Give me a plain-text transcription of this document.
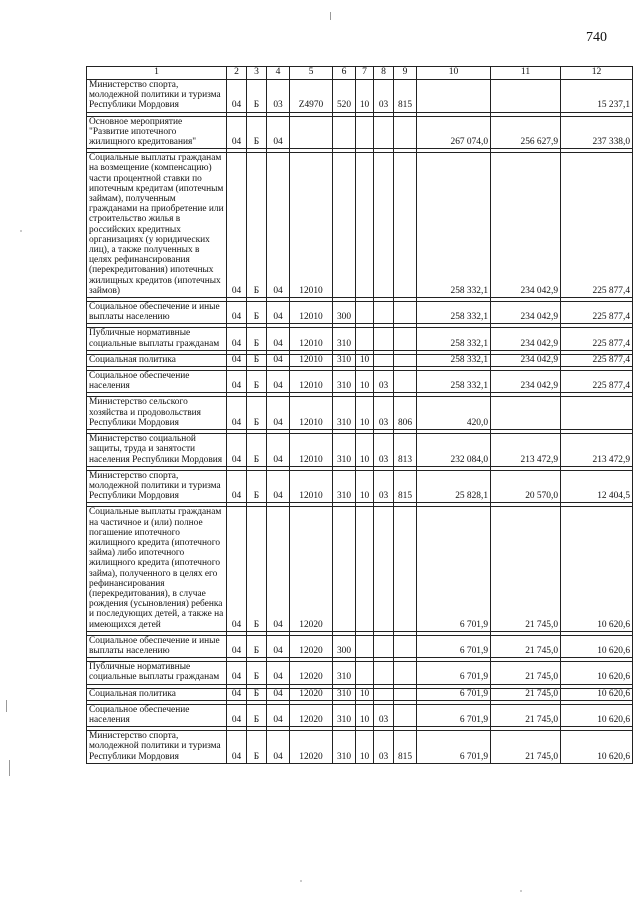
740
1	2	3	4	5	6	7	8	9	10	11	12
Министерство спорта, молодежной политики и туризма Республики Мордовия	04	Б	03	Z4970	520	10	03	815			15 237,1

Основное мероприятие "Развитие ипотечного жилищного кредитования"	04	Б	04						267 074,0	256 627,9	237 338,0

Социальные выплаты гражданам на возмещение (компенсацию) части процентной ставки по ипотечным кредитам (ипотечным займам), полученным гражданами на приобретение или строительство жилья в российских кредитных организациях (у юридических лиц), а также полученных в целях рефинансирования (перекредитования) ипотечных жилищных кредитов (ипотечных займов)	04	Б	04	12010					258 332,1	234 042,9	225 877,4

Социальное обеспечение и иные выплаты населению	04	Б	04	12010	300				258 332,1	234 042,9	225 877,4

Публичные нормативные социальные выплаты гражданам	04	Б	04	12010	310				258 332,1	234 042,9	225 877,4

Социальная политика	04	Б	04	12010	310	10			258 332,1	234 042,9	225 877,4

Социальное обеспечение населения	04	Б	04	12010	310	10	03		258 332,1	234 042,9	225 877,4

Министерство сельского хозяйства и продовольствия Республики Мордовия	04	Б	04	12010	310	10	03	806	420,0		

Министерство социальной защиты, труда и занятости населения Республики Мордовия	04	Б	04	12010	310	10	03	813	232 084,0	213 472,9	213 472,9

Министерство спорта, молодежной политики и туризма Республики Мордовия	04	Б	04	12010	310	10	03	815	25 828,1	20 570,0	12 404,5

Социальные выплаты гражданам на частичное и (или) полное погашение ипотечного жилищного кредита (ипотечного займа) либо ипотечного жилищного кредита (ипотечного займа), полученного в целях его рефинансирования (перекредитования), в случае рождения (усыновления) ребенка и последующих детей, а также на имеющихся детей	04	Б	04	12020					6 701,9	21 745,0	10 620,6

Социальное обеспечение и иные выплаты населению	04	Б	04	12020	300				6 701,9	21 745,0	10 620,6

Публичные нормативные социальные выплаты гражданам	04	Б	04	12020	310				6 701,9	21 745,0	10 620,6

Социальная политика	04	Б	04	12020	310	10			6 701,9	21 745,0	10 620,6

Социальное обеспечение населения	04	Б	04	12020	310	10	03		6 701,9	21 745,0	10 620,6

Министерство спорта, молодежной политики и туризма Республики Мордовия	04	Б	04	12020	310	10	03	815	6 701,9	21 745,0	10 620,6
